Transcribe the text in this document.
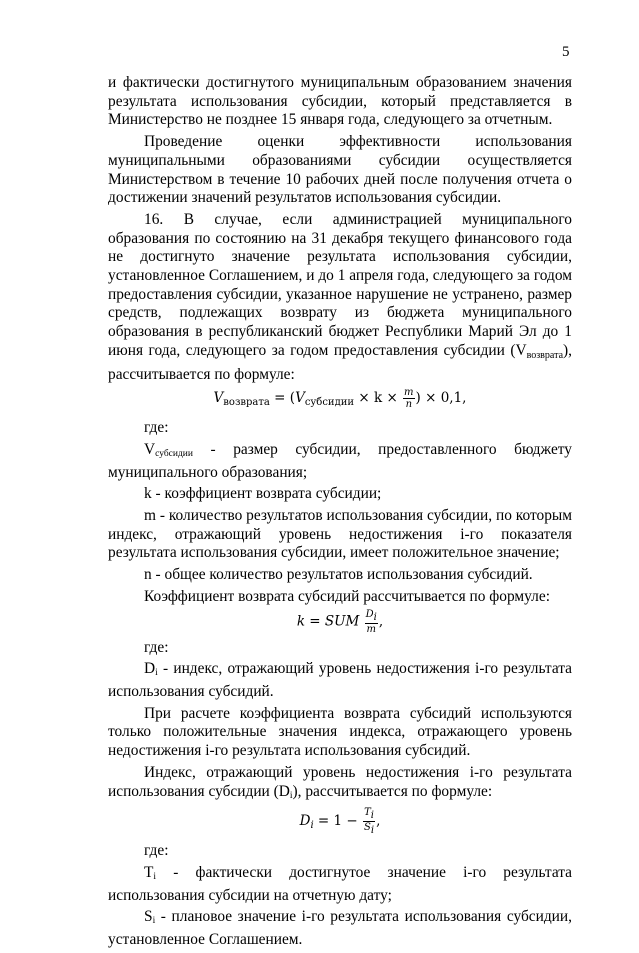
5

и фактически достигнутого муниципальным образованием значения результата использования субсидии, который представляется в Министерство не позднее 15 января года, следующего за отчетным.

Проведение оценки эффективности использования муниципальными образованиями субсидии осуществляется Министерством в течение 10 рабочих дней после получения отчета о достижении значений результатов использования субсидии.

16. В случае, если администрацией муниципального образования по состоянию на 31 декабря текущего финансового года не достигнуто значение результата использования субсидии, установленное Соглашением, и до 1 апреля года, следующего за годом предоставления субсидии, указанное нарушение не устранено, размер средств, подлежащих возврату из бюджета муниципального образования в республиканский бюджет Республики Марий Эл до 1 июня года, следующего за годом предоставления субсидии $(V_{возврата})$, рассчитывается по формуле:

$V_{возврата} = (V_{субсидии} \times k \times \frac{m}{n}$ ) × 0,1,

где:

Vсубсидии - размер субсидии, предоставленного бюджету муниципального образования;

k - коэффициент возврата субсидии;

m - количество результатов использования субсидии, по которым индекс, отражающий уровень недостижения i-го показателя результата использования субсидии, имеет положительное значение;

n - общее количество результатов использования субсидий.

Коэффициент возврата субсидий рассчитывается по формуле:

k = SUM $\frac{Di}{m}$ ,

где:

Di - индекс, отражающий уровень недостижения i-го результата использования субсидий.

При расчете коэффициента возврата субсидий используются только положительные значения индекса, отражающего уровень недостижения i-го результата использования субсидий.

Индекс, отражающий уровень недостижения i-го результата использования субсидии (Di), рассчитывается по формуле:

$D_i = 1 - \frac{Ti}{Si}$ ,

где:

Ti - фактически достигнутое значение i-го результата использования субсидии на отчетную дату;

Si - плановое значение i-го результата использования субсидии, установленное Соглашением.
